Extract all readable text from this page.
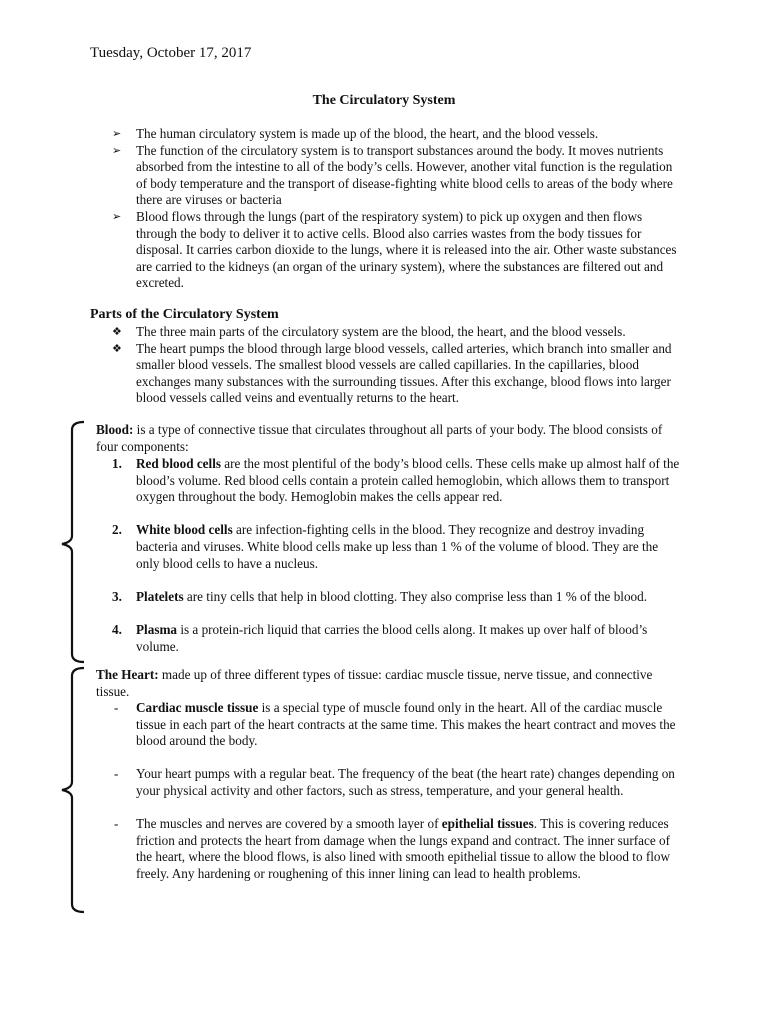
Tuesday, October 17, 2017
The Circulatory System
➢ The human circulatory system is made up of the blood, the heart, and the blood vessels.
➢ The function of the circulatory system is to transport substances around the body. It moves nutrients absorbed from the intestine to all of the body’s cells. However, another vital function is the regulation of body temperature and the transport of disease-fighting white blood cells to areas of the body where there are viruses or bacteria
➢ Blood flows through the lungs (part of the respiratory system) to pick up oxygen and then flows through the body to deliver it to active cells. Blood also carries wastes from the body tissues for disposal. It carries carbon dioxide to the lungs, where it is released into the air. Other waste substances are carried to the kidneys (an organ of the urinary system), where the substances are filtered out and excreted.
Parts of the Circulatory System
❖ The three main parts of the circulatory system are the blood, the heart, and the blood vessels.
❖ The heart pumps the blood through large blood vessels, called arteries, which branch into smaller and smaller blood vessels. The smallest blood vessels are called capillaries. In the capillaries, blood exchanges many substances with the surrounding tissues. After this exchange, blood flows into larger blood vessels called veins and eventually returns to the heart.

Blood: is a type of connective tissue that circulates throughout all parts of your body. The blood consists of four components:

1. Red blood cells are the most plentiful of the body’s blood cells. These cells make up almost half of the blood’s volume. Red blood cells contain a protein called hemoglobin, which allows them to transport oxygen throughout the body. Hemoglobin makes the cells appear red.
2. White blood cells are infection-fighting cells in the blood. They recognize and destroy invading bacteria and viruses. White blood cells make up less than 1 % of the volume of blood. They are the only blood cells to have a nucleus.
3. Platelets are tiny cells that help in blood clotting. They also comprise less than 1 % of the blood.
4. Plasma is a protein-rich liquid that carries the blood cells along. It makes up over half of blood’s volume.

The Heart: made up of three different types of tissue: cardiac muscle tissue, nerve tissue, and connective tissue.

- Cardiac muscle tissue is a special type of muscle found only in the heart. All of the cardiac muscle tissue in each part of the heart contracts at the same time. This makes the heart contract and moves the blood around the body.
- Your heart pumps with a regular beat. The frequency of the beat (the heart rate) changes depending on your physical activity and other factors, such as stress, temperature, and your general health.
- The muscles and nerves are covered by a smooth layer of epithelial tissues. This is covering reduces friction and protects the heart from damage when the lungs expand and contract. The inner surface of the heart, where the blood flows, is also lined with smooth epithelial tissue to allow the blood to flow freely. Any hardening or roughening of this inner lining can lead to health problems.
